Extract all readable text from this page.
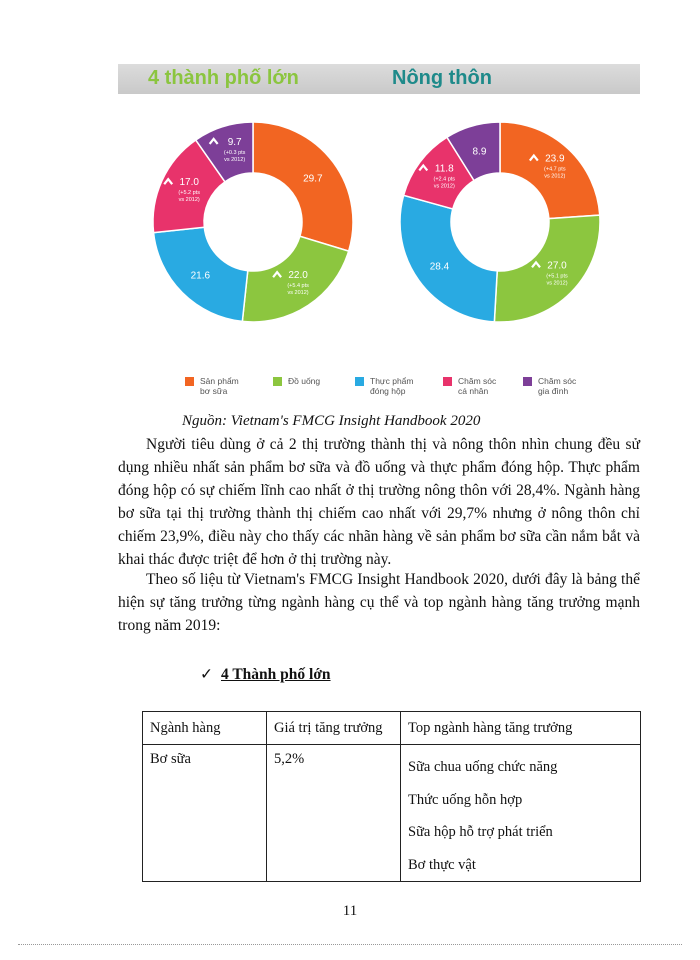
4 thành phố lớn	Nông thôn
29.7
22.0
(+5.4 pts
vs 2012)
21.6
17.0
(+5.2 pts
vs 2012)
9.7
(+0.3 pts
vs 2012)	23.9
(+4.7 pts
vs 2012)
27.0
(+5.1 pts
vs 2012)
28.4
11.8
(+2.4 pts
vs 2012)
8.9
Sản phẩm
bơ sữa
Đồ uống	Thực phẩm
đóng hộp
Chăm sóc
cá nhân
Chăm sóc
gia đình
Nguồn: Vietnam's FMCG Insight Handbook 2020

Người tiêu dùng ở cả 2 thị trường thành thị và nông thôn nhìn chung đều sử dụng nhiều nhất sản phẩm bơ sữa và đồ uống và thực phẩm đóng hộp. Thực phẩm đóng hộp có sự chiếm lĩnh cao nhất ở thị trường nông thôn với 28,4%. Ngành hàng bơ sữa tại thị trường thành thị chiếm cao nhất với 29,7% nhưng ở nông thôn chỉ chiếm 23,9%, điều này cho thấy các nhãn hàng về sản phẩm bơ sữa cần nắm bắt và khai thác được triệt để hơn ở thị trường này.

Theo số liệu từ Vietnam's FMCG Insight Handbook 2020, dưới đây là bảng thể hiện sự tăng trưởng từng ngành hàng cụ thể và top ngành hàng tăng trưởng mạnh trong năm 2019:

✓ 4 Thành phố lớn
Ngành hàng	Giá trị tăng trưởng	Top ngành hàng tăng trưởng
Bơ sữa	5,2%	Sữa chua uống chức năng
Thức uống hỗn hợp
Sữa hộp hỗ trợ phát triển
Bơ thực vật
11
